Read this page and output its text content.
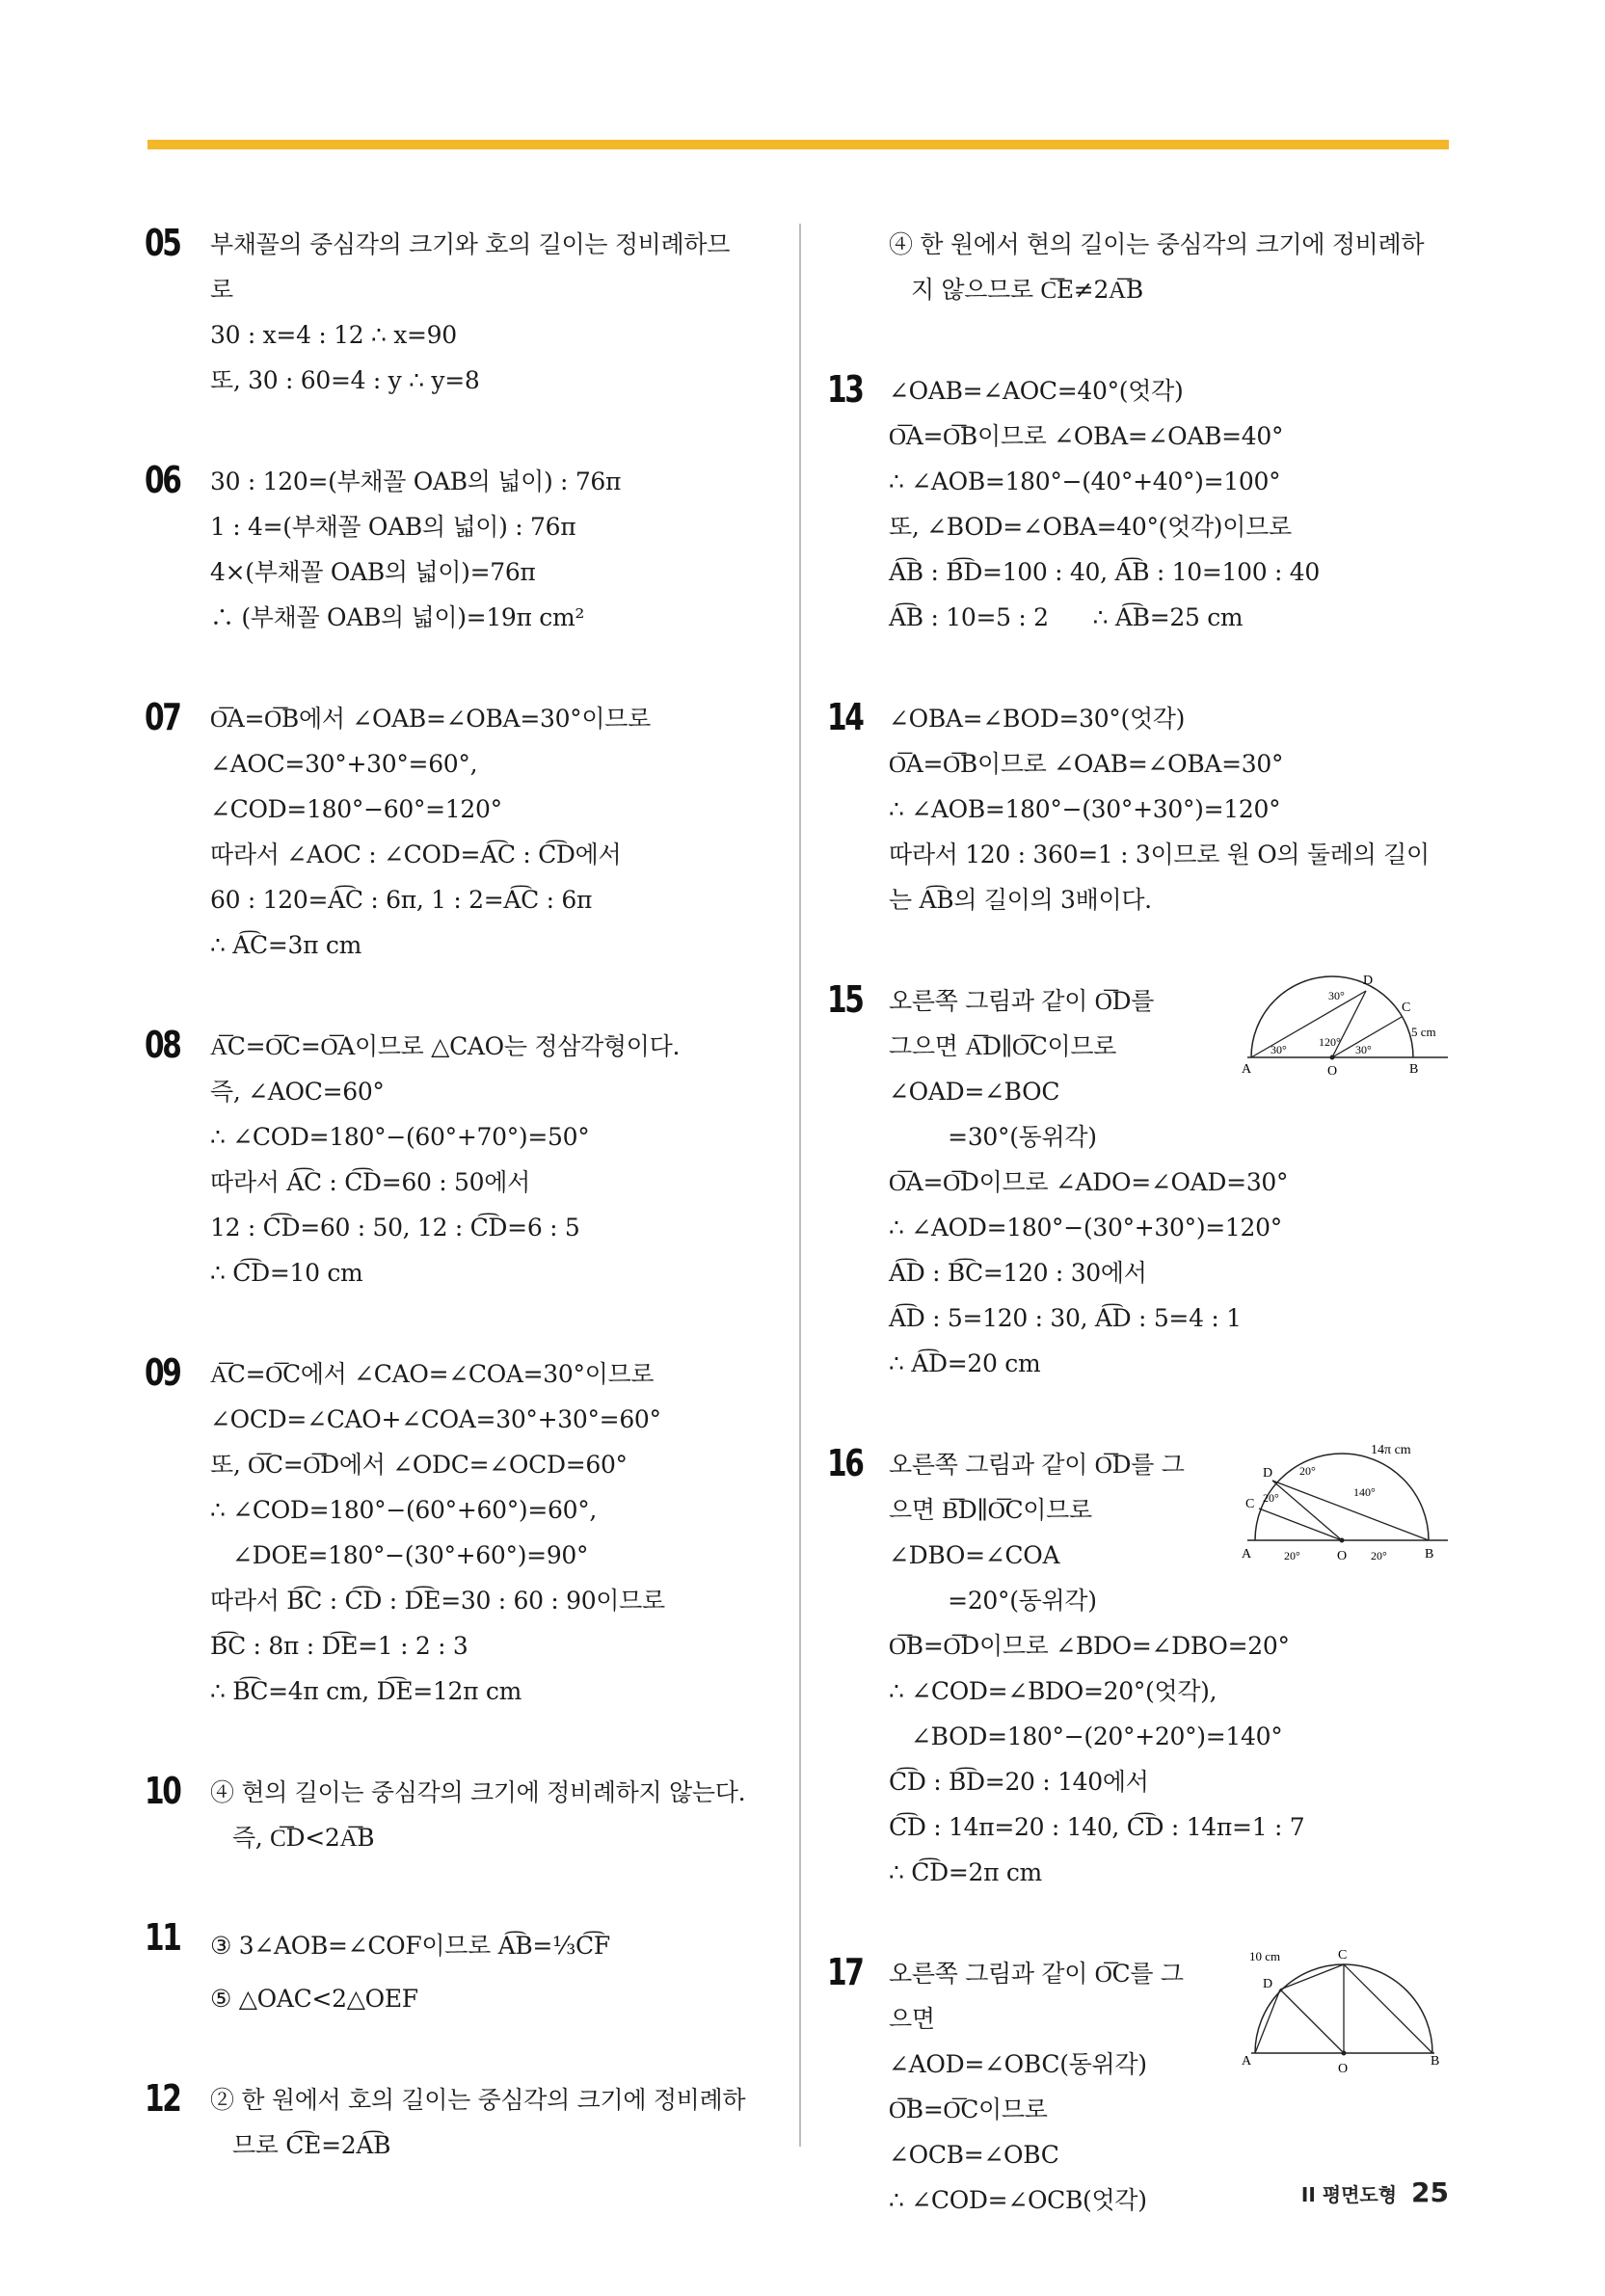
05 부채꼴의 중심각의 크기와 호의 길이는 정비례하므
로
30 : x=4 : 12 ∴ x=90
또, 30 : 60=4 : y ∴ y=8
06 30 : 120=(부채꼴 OAB의 넓이) : 76π
1 : 4=(부채꼴 OAB의 넓이) : 76π
4×(부채꼴 OAB의 넓이)=76π
∴ (부채꼴 OAB의 넓이)=19π cm²
07 O͞A=O͞B에서 ∠OAB=∠OBA=30°이므로
∠AOC=30°+30°=60°,
∠COD=180°−60°=120°
따라서 ∠AOC : ∠COD=A͡C : C͡D에서
60 : 120=A͡C : 6π, 1 : 2=A͡C : 6π
∴ A͡C=3π cm
08 A͞C=O͞C=O͞A이므로 △CAO는 정삼각형이다.
즉, ∠AOC=60°
∴ ∠COD=180°−(60°+70°)=50°
따라서 A͡C : C͡D=60 : 50에서
12 : C͡D=60 : 50, 12 : C͡D=6 : 5
∴ C͡D=10 cm
09 A͞C=O͞C에서 ∠CAO=∠COA=30°이므로
∠OCD=∠CAO+∠COA=30°+30°=60°
또, O͞C=O͞D에서 ∠ODC=∠OCD=60°
∴ ∠COD=180°−(60°+60°)=60°,
∠DOE=180°−(30°+60°)=90°
따라서 B͡C : C͡D : D͡E=30 : 60 : 90이므로
B͡C : 8π : D͡E=1 : 2 : 3
∴ B͡C=4π cm, D͡E=12π cm
10 ④ 현의 길이는 중심각의 크기에 정비례하지 않는다.
즉, C͞D<2A͞B
11 ③ 3∠AOB=∠COF이므로 A͡B=⅓C͡F
⑤ △OAC<2△OEF
12 ② 한 원에서 호의 길이는 중심각의 크기에 정비례하
므로 C͡E=2A͡B
④ 한 원에서 현의 길이는 중심각의 크기에 정비례하
지 않으므로 C͞E≠2A͞B
13 ∠OAB=∠AOC=40°(엇각)
O͞A=O͞B이므로 ∠OBA=∠OAB=40°
∴ ∠AOB=180°−(40°+40°)=100°
또, ∠BOD=∠OBA=40°(엇각)이므로
A͡B : B͡D=100 : 40, A͡B : 10=100 : 40
A͡B : 10=5 : 2      ∴ A͡B=25 cm
14 ∠OBA=∠BOD=30°(엇각)
O͞A=O͞B이므로 ∠OAB=∠OBA=30°
∴ ∠AOB=180°−(30°+30°)=120°
따라서 120 : 360=1 : 3이므로 원 O의 둘레의 길이
는 A͡B의 길이의 3배이다.
15 오른쪽 그림과 같이 O͞D를
그으면 A͞D∥O͞C이므로
∠OAD=∠BOC
=30°(동위각)
O͞A=O͞D이므로 ∠ADO=∠OAD=30°
∴ ∠AOD=180°−(30°+30°)=120°
A͡D : B͡C=120 : 30에서
A͡D : 5=120 : 30, A͡D : 5=4 : 1
∴ A͡D=20 cm
D
C
A	O	B
30°
120°
30°	30°
5 cm
16 오른쪽 그림과 같이 O͞D를 그
으면 B͞D∥O͞C이므로
∠DBO=∠COA
=20°(동위각)
O͞B=O͞D이므로 ∠BDO=∠DBO=20°
∴ ∠COD=∠BDO=20°(엇각),
∠BOD=180°−(20°+20°)=140°
C͡D : B͡D=20 : 140에서
C͡D : 14π=20 : 140, C͡D : 14π=1 : 7
∴ C͡D=2π cm
14π cm
D
C
20°
20°	140°
A	20°	O 20°	B
17 오른쪽 그림과 같이 O͞C를 그
으면
∠AOD=∠OBC(동위각)
O͞B=O͞C이므로
∠OCB=∠OBC
∴ ∠COD=∠OCB(엇각)
10 cm	C
D
A
O
B
II 평면도형 25
